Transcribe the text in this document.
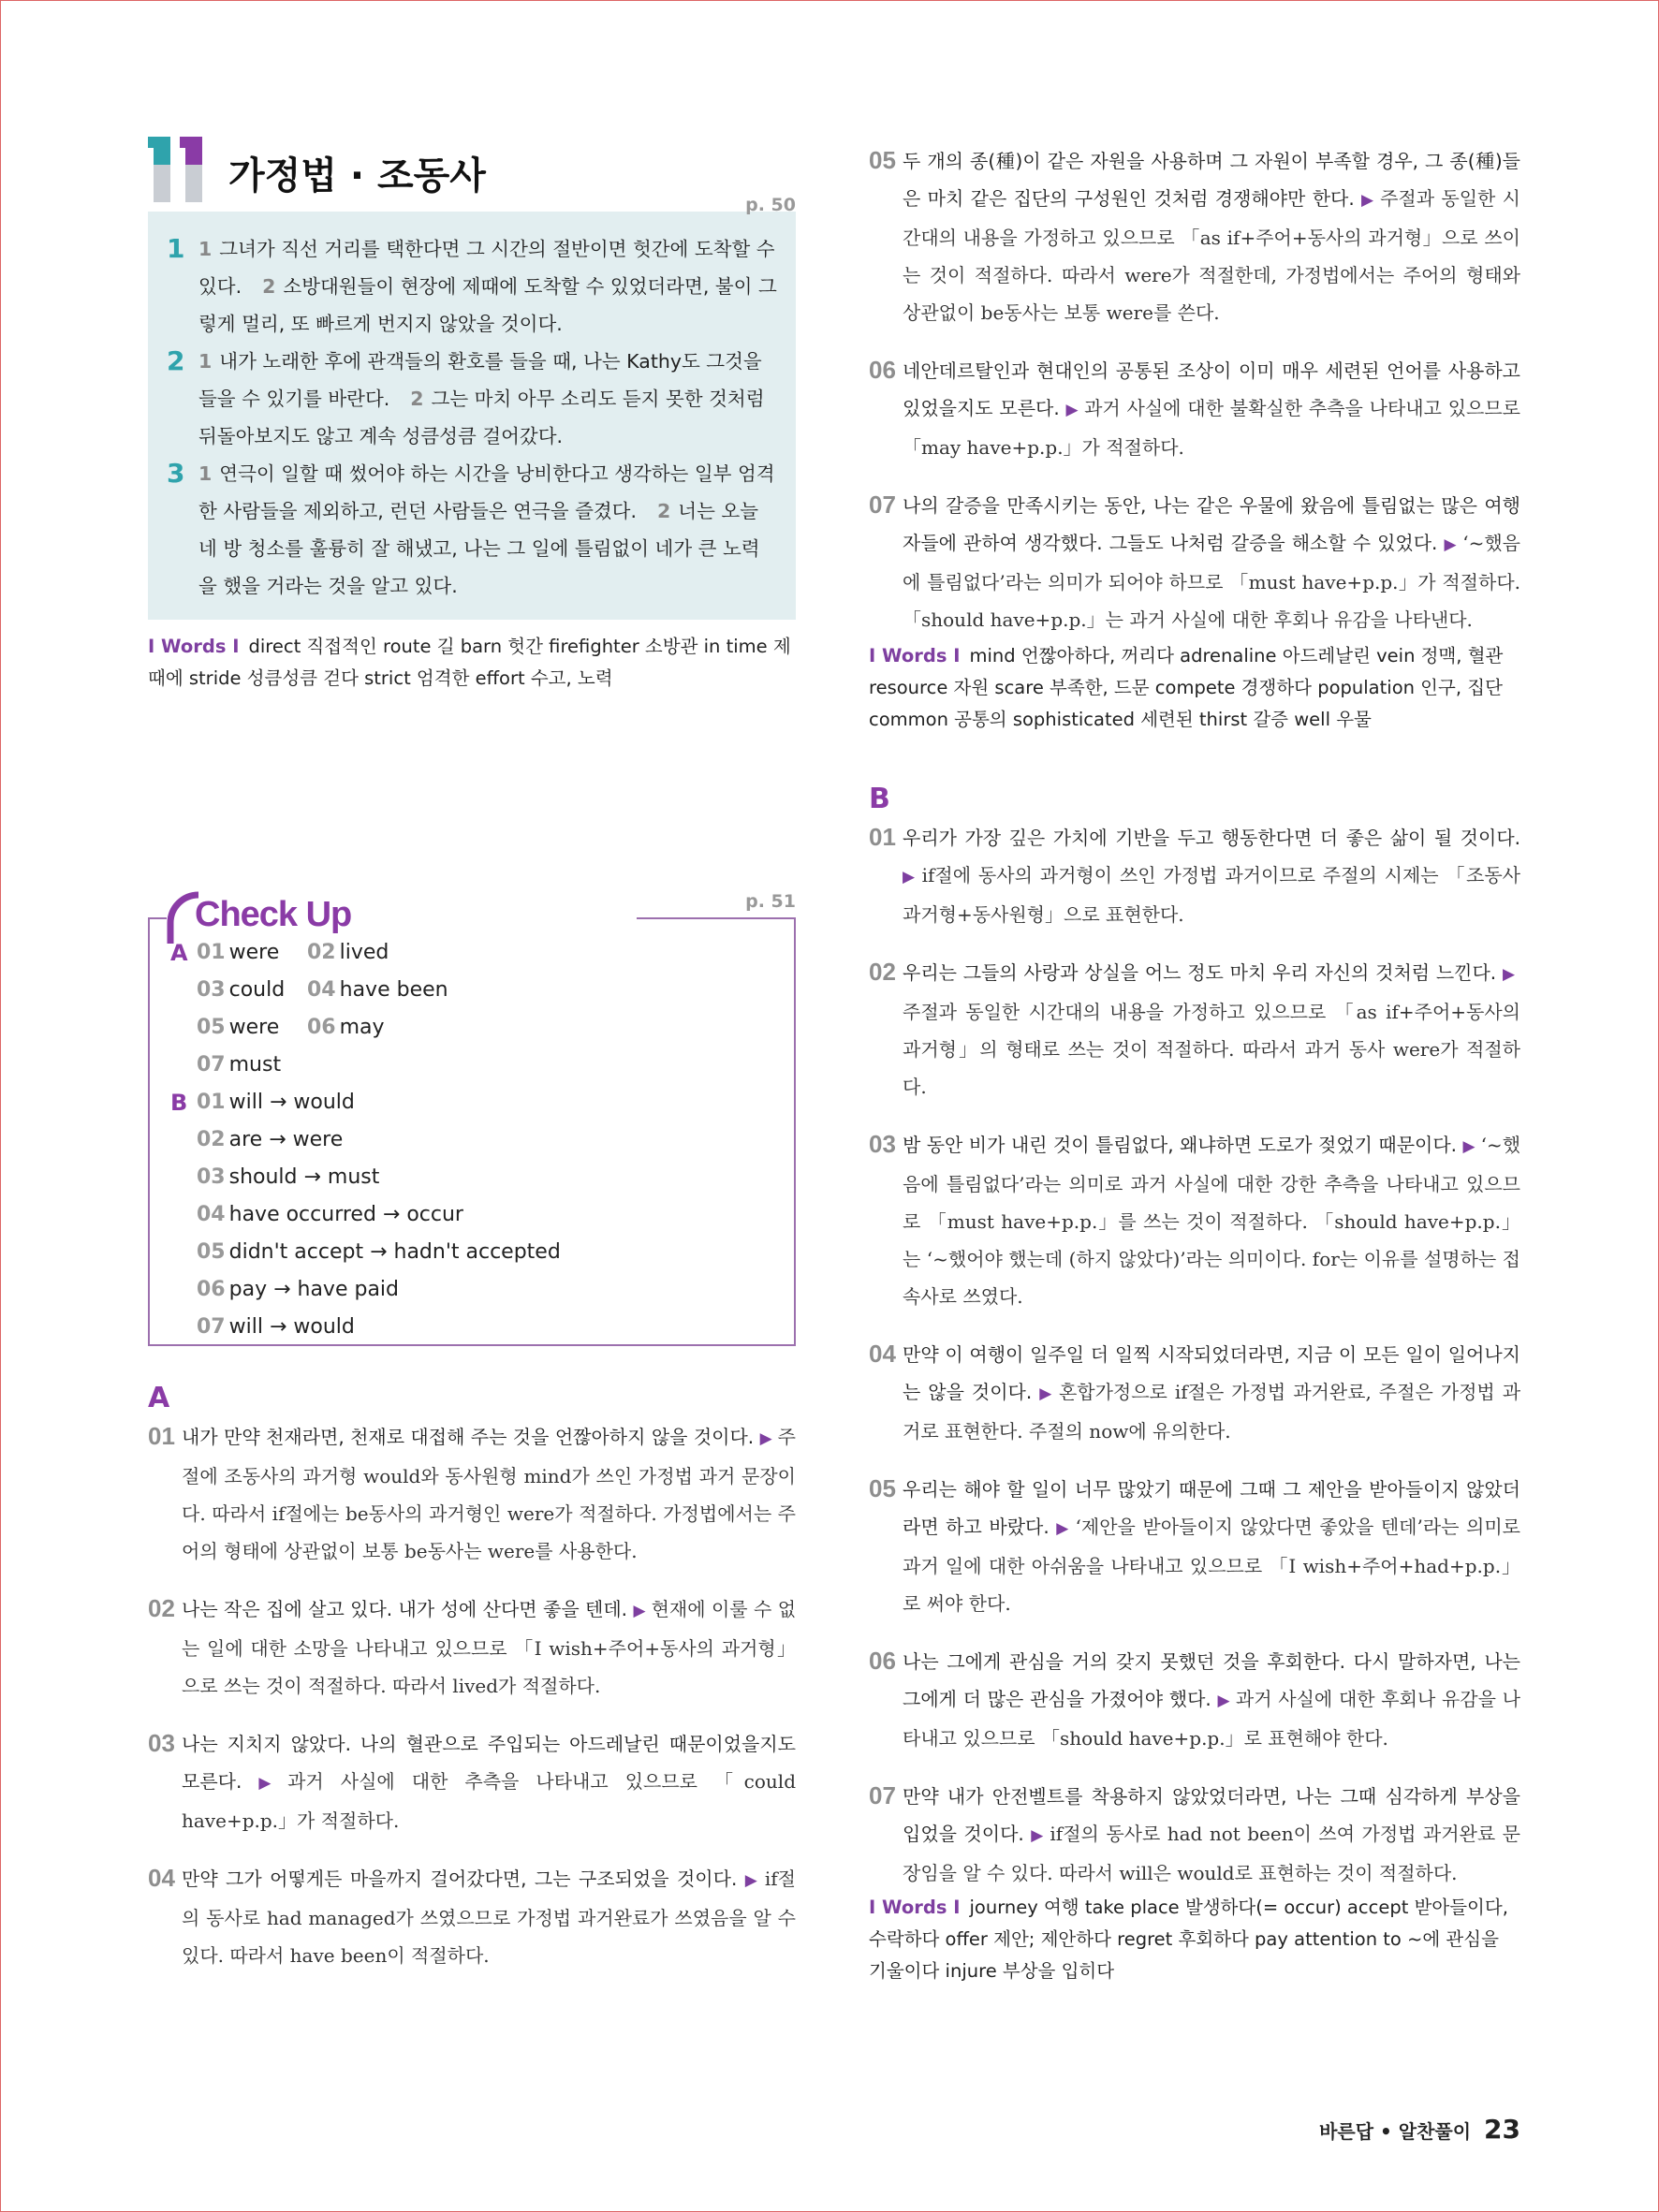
가정법 · 조동사
p. 50
1 1 그녀가 직선 거리를 택한다면 그 시간의 절반이면 헛간에 도착할 수 있다. 2 소방대원들이 현장에 제때에 도착할 수 있었더라면, 불이 그렇게 멀리, 또 빠르게 번지지 않았을 것이다.
2 1 내가 노래한 후에 관객들의 환호를 들을 때, 나는 Kathy도 그것을 들을 수 있기를 바란다. 2 그는 마치 아무 소리도 듣지 못한 것처럼 뒤돌아보지도 않고 계속 성큼성큼 걸어갔다.
3 1 연극이 일할 때 썼어야 하는 시간을 낭비한다고 생각하는 일부 엄격한 사람들을 제외하고, 런던 사람들은 연극을 즐겼다. 2 너는 오늘 네 방 청소를 훌륭히 잘 해냈고, 나는 그 일에 틀림없이 네가 큰 노력을 했을 거라는 것을 알고 있다.
I Words I direct 직접적인 route 길 barn 헛간 firefighter 소방관 in time 제때에 stride 성큼성큼 걷다 strict 엄격한 effort 수고, 노력
Check Up	p. 51
A 01 were 02 lived
03 could 04 have been
05 were 06 may
07 must
B 01 will → would
02 are → were
03 should → must
04 have occurred → occur
05 didn't accept → hadn't accepted
06 pay → have paid
07 will → would
A
01 내가 만약 천재라면, 천재로 대접해 주는 것을 언짢아하지 않을 것이다. ▶ 주절에 조동사의 과거형 would와 동사원형 mind가 쓰인 가정법 과거 문장이다. 따라서 if절에는 be동사의 과거형인 were가 적절하다. 가정법에서는 주어의 형태에 상관없이 보통 be동사는 were를 사용한다.
02 나는 작은 집에 살고 있다. 내가 성에 산다면 좋을 텐데. ▶ 현재에 이룰 수 없는 일에 대한 소망을 나타내고 있으므로 「I wish+주어+동사의 과거형」으로 쓰는 것이 적절하다. 따라서 lived가 적절하다.
03 나는 지치지 않았다. 나의 혈관으로 주입되는 아드레날린 때문이었을지도 모른다. ▶ 과거 사실에 대한 추측을 나타내고 있으므로 「could have+p.p.」가 적절하다.
04 만약 그가 어떻게든 마을까지 걸어갔다면, 그는 구조되었을 것이다. ▶ if절의 동사로 had managed가 쓰였으므로 가정법 과거완료가 쓰였음을 알 수 있다. 따라서 have been이 적절하다.
05 두 개의 종(種)이 같은 자원을 사용하며 그 자원이 부족할 경우, 그 종(種)들은 마치 같은 집단의 구성원인 것처럼 경쟁해야만 한다. ▶ 주절과 동일한 시간대의 내용을 가정하고 있으므로 「as if+주어+동사의 과거형」으로 쓰이는 것이 적절하다. 따라서 were가 적절한데, 가정법에서는 주어의 형태와 상관없이 be동사는 보통 were를 쓴다.
06 네안데르탈인과 현대인의 공통된 조상이 이미 매우 세련된 언어를 사용하고 있었을지도 모른다. ▶ 과거 사실에 대한 불확실한 추측을 나타내고 있으므로 「may have+p.p.」가 적절하다.
07 나의 갈증을 만족시키는 동안, 나는 같은 우물에 왔음에 틀림없는 많은 여행자들에 관하여 생각했다. 그들도 나처럼 갈증을 해소할 수 있었다. ▶ ‘~했음에 틀림없다’라는 의미가 되어야 하므로 「must have+p.p.」가 적절하다. 「should have+p.p.」는 과거 사실에 대한 후회나 유감을 나타낸다.
I Words I mind 언짢아하다, 꺼리다 adrenaline 아드레날린 vein 정맥, 혈관 resource 자원 scare 부족한, 드문 compete 경쟁하다 population 인구, 집단 common 공통의 sophisticated 세련된 thirst 갈증 well 우물
B
01 우리가 가장 깊은 가치에 기반을 두고 행동한다면 더 좋은 삶이 될 것이다. ▶ if절에 동사의 과거형이 쓰인 가정법 과거이므로 주절의 시제는 「조동사 과거형+동사원형」으로 표현한다.
02 우리는 그들의 사랑과 상실을 어느 정도 마치 우리 자신의 것처럼 느낀다. ▶주절과 동일한 시간대의 내용을 가정하고 있으므로 「as if+주어+동사의 과거형」의 형태로 쓰는 것이 적절하다. 따라서 과거 동사 were가 적절하다.
03 밤 동안 비가 내린 것이 틀림없다, 왜냐하면 도로가 젖었기 때문이다. ▶ ‘~했음에 틀림없다’라는 의미로 과거 사실에 대한 강한 추측을 나타내고 있으므로 「must have+p.p.」를 쓰는 것이 적절하다. 「should have+p.p.」는 ‘~했어야 했는데 (하지 않았다)’라는 의미이다. for는 이유를 설명하는 접속사로 쓰였다.
04 만약 이 여행이 일주일 더 일찍 시작되었더라면, 지금 이 모든 일이 일어나지는 않을 것이다. ▶ 혼합가정으로 if절은 가정법 과거완료, 주절은 가정법 과거로 표현한다. 주절의 now에 유의한다.
05 우리는 해야 할 일이 너무 많았기 때문에 그때 그 제안을 받아들이지 않았더라면 하고 바랐다. ▶ ‘제안을 받아들이지 않았다면 좋았을 텐데’라는 의미로 과거 일에 대한 아쉬움을 나타내고 있으므로 「I wish+주어+had+p.p.」로 써야 한다.
06 나는 그에게 관심을 거의 갖지 못했던 것을 후회한다. 다시 말하자면, 나는 그에게 더 많은 관심을 가졌어야 했다. ▶ 과거 사실에 대한 후회나 유감을 나타내고 있으므로 「should have+p.p.」로 표현해야 한다.
07 만약 내가 안전벨트를 착용하지 않았었더라면, 나는 그때 심각하게 부상을 입었을 것이다. ▶ if절의 동사로 had not been이 쓰여 가정법 과거완료 문장임을 알 수 있다. 따라서 will은 would로 표현하는 것이 적절하다.
I Words I journey 여행 take place 발생하다(= occur) accept 받아들이다, 수락하다 offer 제안; 제안하다 regret 후회하다 pay attention to ~에 관심을 기울이다 injure 부상을 입히다
바른답 • 알찬풀이 23
